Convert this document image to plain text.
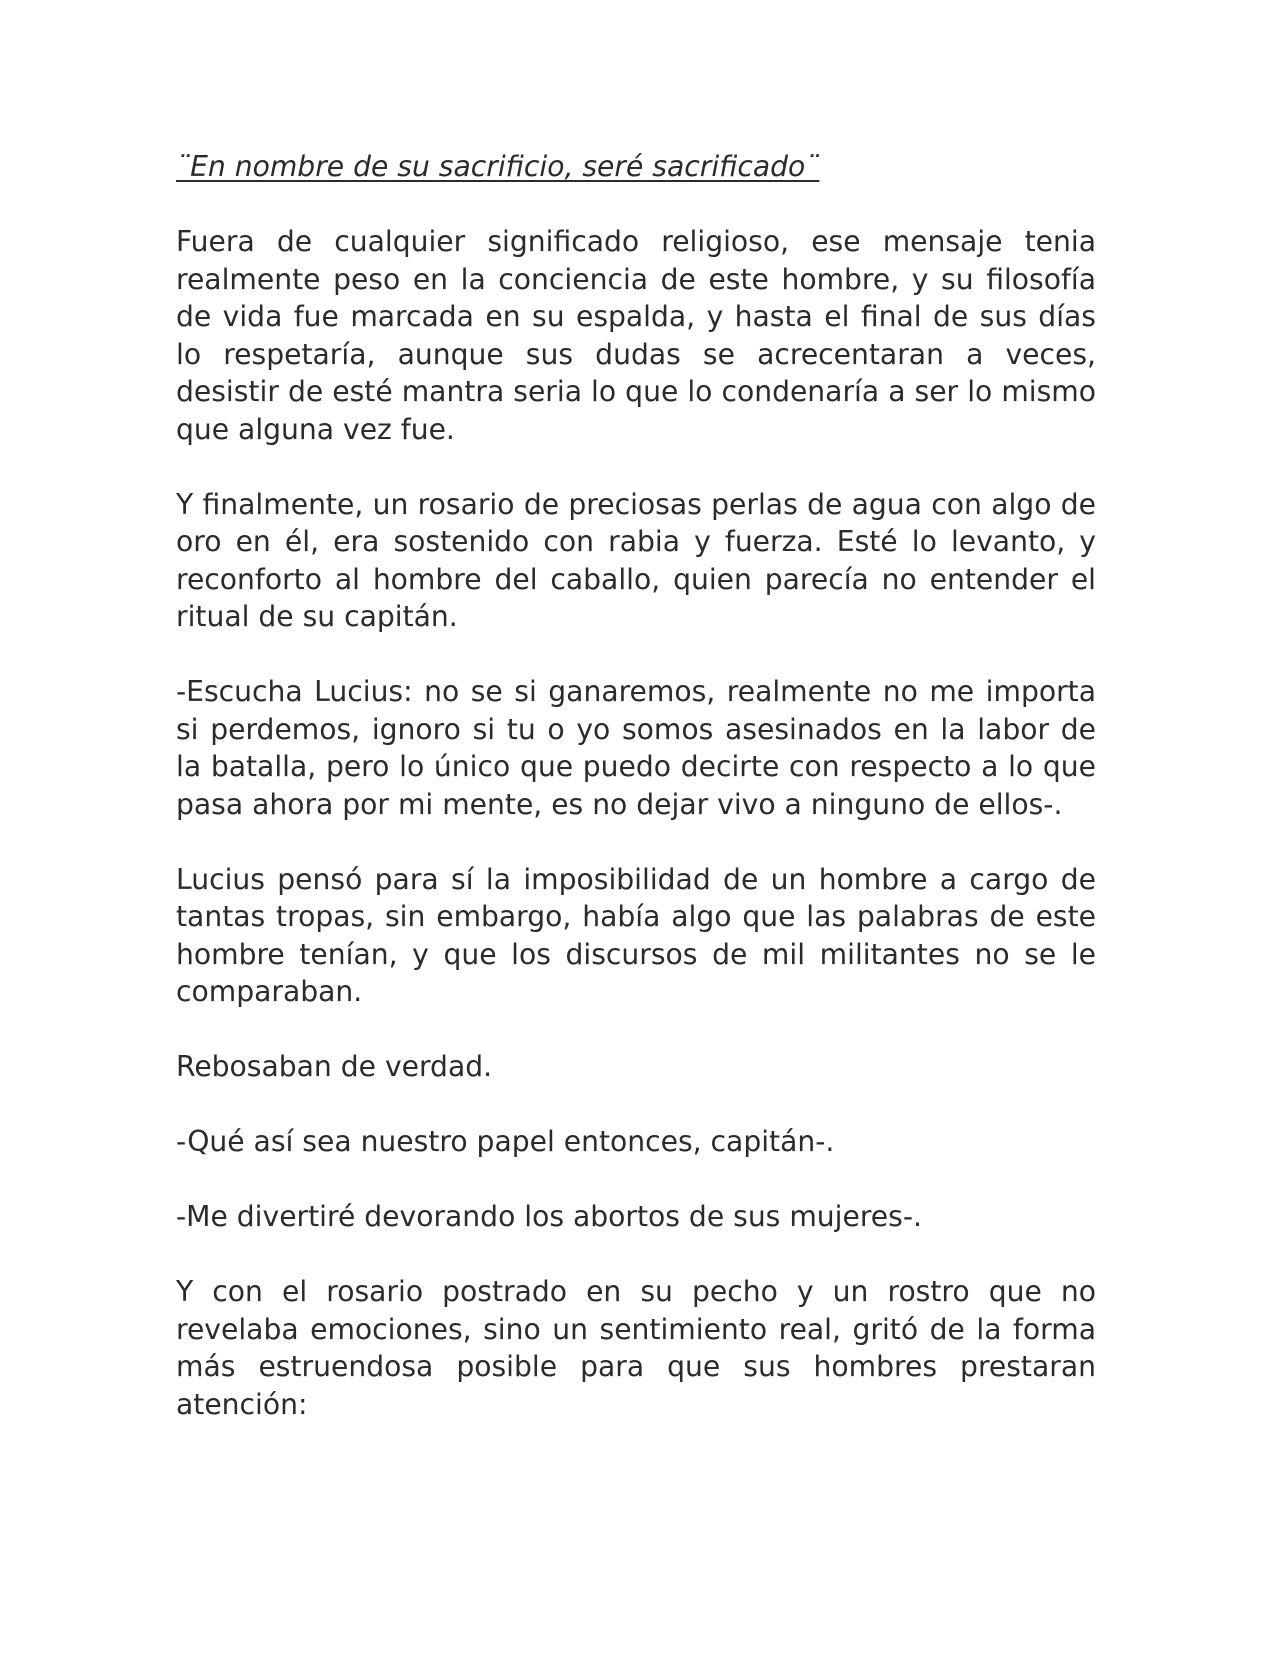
¨En nombre de su sacrificio, seré sacrificado¨

Fuera de cualquier significado religioso, ese mensaje tenia realmente peso en la conciencia de este hombre, y su filosofía de vida fue marcada en su espalda, y hasta el final de sus días lo respetaría, aunque sus dudas se acrecentaran a veces, desistir de esté mantra seria lo que lo condenaría a ser lo mismo que alguna vez fue.

Y finalmente, un rosario de preciosas perlas de agua con algo de oro en él, era sostenido con rabia y fuerza. Esté lo levanto, y reconforto al hombre del caballo, quien parecía no entender el ritual de su capitán.

-Escucha Lucius: no se si ganaremos, realmente no me importa si perdemos, ignoro si tu o yo somos asesinados en la labor de la batalla, pero lo único que puedo decirte con respecto a lo que pasa ahora por mi mente, es no dejar vivo a ninguno de ellos-.

Lucius pensó para sí la imposibilidad de un hombre a cargo de tantas tropas, sin embargo, había algo que las palabras de este hombre tenían, y que los discursos de mil militantes no se le comparaban.

Rebosaban de verdad.

-Qué así sea nuestro papel entonces, capitán-.

-Me divertiré devorando los abortos de sus mujeres-.

Y con el rosario postrado en su pecho y un rostro que no revelaba emociones, sino un sentimiento real, gritó de la forma más estruendosa posible para que sus hombres prestaran atención:
